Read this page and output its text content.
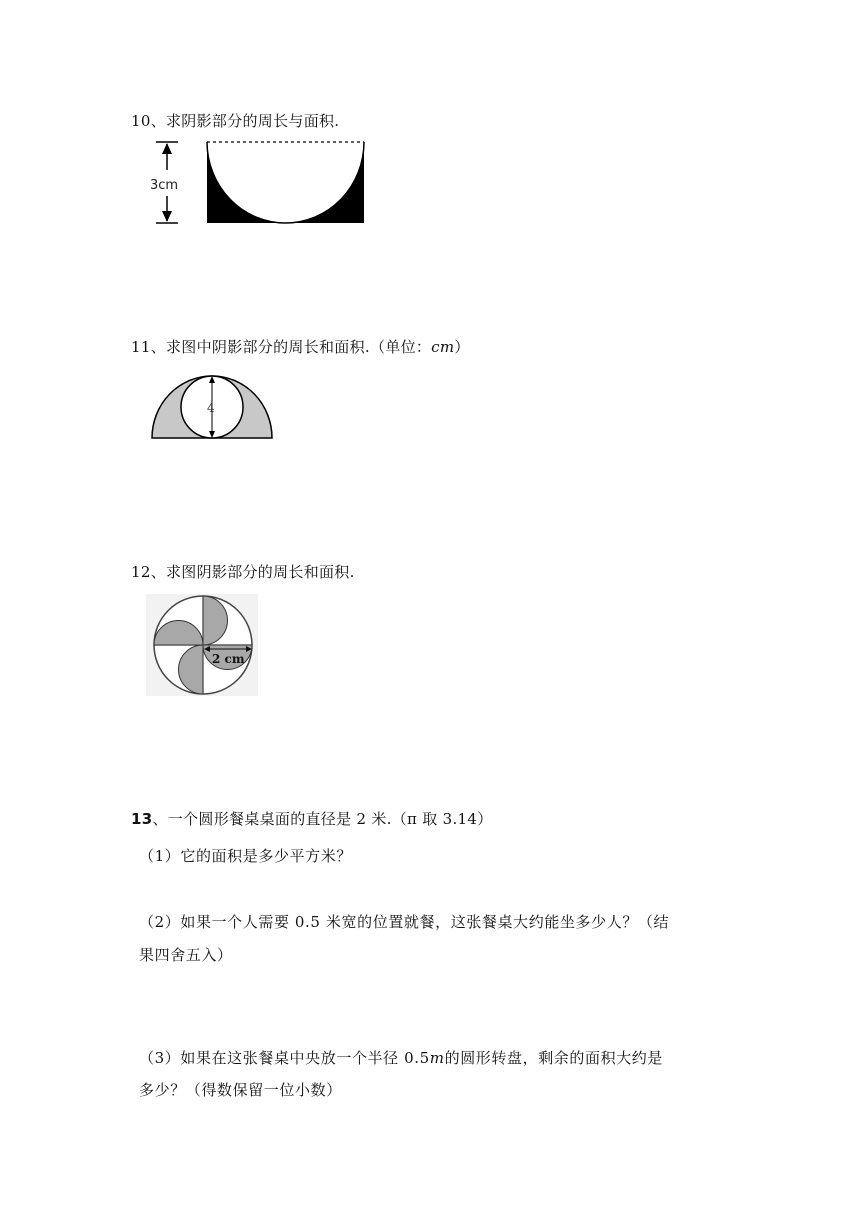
10、求阴影部分的周长与面积.
3cm
11、求图中阴影部分的周长和面积.（单位：cm）
4
12、求图阴影部分的周长和面积.
2 cm
13、一个圆形餐桌桌面的直径是 2 米.（π 取 3.14）
（1）它的面积是多少平方米？
（2）如果一个人需要 0.5 米宽的位置就餐，这张餐桌大约能坐多少人？（结
果四舍五入）
（3）如果在这张餐桌中央放一个半径 0.5m的圆形转盘，剩余的面积大约是
多少？（得数保留一位小数）
